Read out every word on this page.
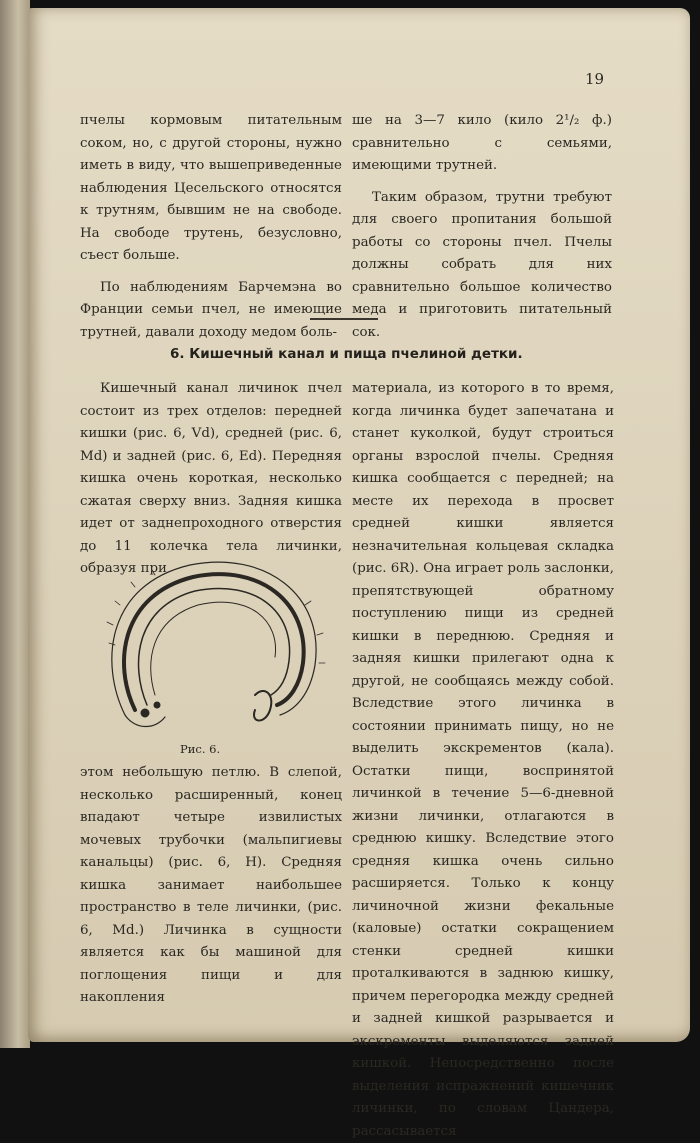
19

пчелы кормовым питательным соком, но, с другой стороны, нужно иметь в виду, что вышеприведенные наблюдения Цесельского относятся к трутням, бывшим не на свободе. На свободе трутень, безусловно, съест больше.

По наблюдениям Барчемэна во Франции семьи пчел, не имеющие трутней, давали доходу медом боль-

ше на 3—7 кило (кило 2¹/₂ ф.) сравнительно с семьями, имеющими трутней.

Таким образом, трутни требуют для своего пропитания большой работы со стороны пчел. Пчелы должны собрать для них сравнительно большое количество меда и приготовить питательный сок.

6. Кишечный канал и пища пчелиной детки.

Кишечный канал личинок пчел состоит из трех отделов: передней кишки (рис. 6, Vd), средней (рис. 6, Md) и задней (рис. 6, Ed). Передняя кишка очень короткая, несколько сжатая сверху вниз. Задняя кишка идет от заднепроходного отверстия до 11 колечка тела личинки, образуя при

Рис. 6.

этом небольшую петлю. В слепой, несколько расширенный, конец впадают четыре извилистых мочевых трубочки (мальпигиевы канальцы) (рис. 6, H). Средняя кишка занимает наибольшее пространство в теле личинки, (рис. 6, Md.) Личинка в сущности является как бы машиной для поглощения пищи и для накопления

материала, из которого в то время, когда личинка будет запечатана и станет куколкой, будут строиться органы взрослой пчелы. Средняя кишка сообщается с передней; на месте их перехода в просвет средней кишки является незначительная кольцевая складка (рис. 6R). Она играет роль заслонки, препятствующей обратному поступлению пищи из средней кишки в переднюю. Средняя и задняя кишки прилегают одна к другой, не сообщаясь между собой. Вследствие этого личинка в состоянии принимать пищу, но не выделить экскрементов (кала). Остатки пищи, воспринятой личинкой в течение 5—6-дневной жизни личинки, отлагаются в среднюю кишку. Вследствие этого средняя кишка очень сильно расширяется. Только к концу личиночной жизни фекальные (каловые) остатки сокращением стенки средней кишки проталкиваются в заднюю кишку, причем перегородка между средней и задней кишкой разрывается и экскременты выделяются задней кишкой. Непосредственно после выделения испражнений кишечник личинки, по словам Цандера, рассасывается
